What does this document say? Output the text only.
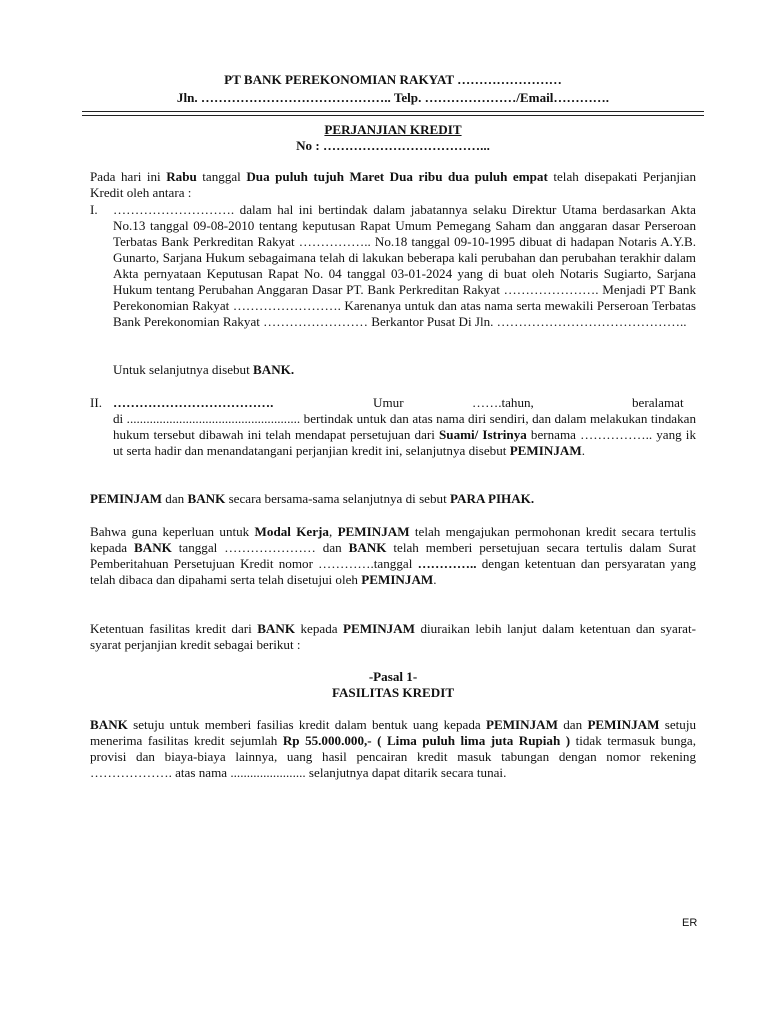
PT BANK PEREKONOMIAN RAKYAT ……………………
Jln. …………………………………….. Telp. …………………/Email………….
PERJANJIAN KREDIT
No : ………………………………...
Pada hari ini Rabu tanggal Dua puluh tujuh Maret Dua ribu dua puluh empat telah disepakati Perjanjian Kredit oleh antara :
I. ………………………. dalam hal ini bertindak dalam jabatannya selaku Direktur Utama berdasarkan Akta No.13 tanggal 09-08-2010 tentang keputusan Rapat Umum Pemegang Saham dan anggaran dasar Perseroan Terbatas Bank Perkreditan Rakyat …………….. No.18 tanggal 09-10-1995 dibuat di hadapan Notaris A.Y.B. Gunarto, Sarjana Hukum sebagaimana telah di lakukan beberapa kali perubahan dan perubahan terakhir dalam Akta pernyataan Keputusan Rapat No. 04 tanggal 03-01-2024 yang di buat oleh Notaris Sugiarto, Sarjana Hukum tentang Perubahan Anggaran Dasar PT. Bank Perkreditan Rakyat …………………. Menjadi PT Bank Perekonomian Rakyat ……………………. Karenanya untuk dan atas nama serta mewakili Perseroan Terbatas Bank Perekonomian Rakyat …………………… Berkantor Pusat Di Jln. ……………………………………..
Untuk selanjutnya disebut BANK.
II. ……………………………….	Umur	…….tahun,	beralamat
di ..................................................... bertindak untuk dan atas nama diri sendiri, dan dalam melakukan tindakan hukum tersebut dibawah ini telah mendapat persetujuan dari Suami/ Istrinya bernama …………….. yang ik ut serta hadir dan menandatangani perjanjian kredit ini, selanjutnya disebut PEMINJAM.
PEMINJAM dan BANK secara bersama-sama selanjutnya di sebut PARA PIHAK.
Bahwa guna keperluan untuk Modal Kerja, PEMINJAM telah mengajukan permohonan kredit secara tertulis kepada BANK tanggal ………………… dan BANK telah memberi persetujuan secara tertulis dalam Surat Pemberitahuan Persetujuan Kredit nomor ………….tanggal ………….. dengan ketentuan dan persyaratan yang telah dibaca dan dipahami serta telah disetujui oleh PEMINJAM.
Ketentuan fasilitas kredit dari BANK kepada PEMINJAM diuraikan lebih lanjut dalam ketentuan dan syarat-syarat perjanjian kredit sebagai berikut :
-Pasal 1-
FASILITAS KREDIT
BANK setuju untuk memberi fasilias kredit dalam bentuk uang kepada PEMINJAM dan PEMINJAM setuju menerima fasilitas kredit sejumlah Rp 55.000.000,- ( Lima puluh lima juta Rupiah ) tidak termasuk bunga, provisi dan biaya-biaya lainnya, uang hasil pencairan kredit masuk tabungan dengan nomor rekening ………………. atas nama ....................... selanjutnya dapat ditarik secara tunai.
ER
